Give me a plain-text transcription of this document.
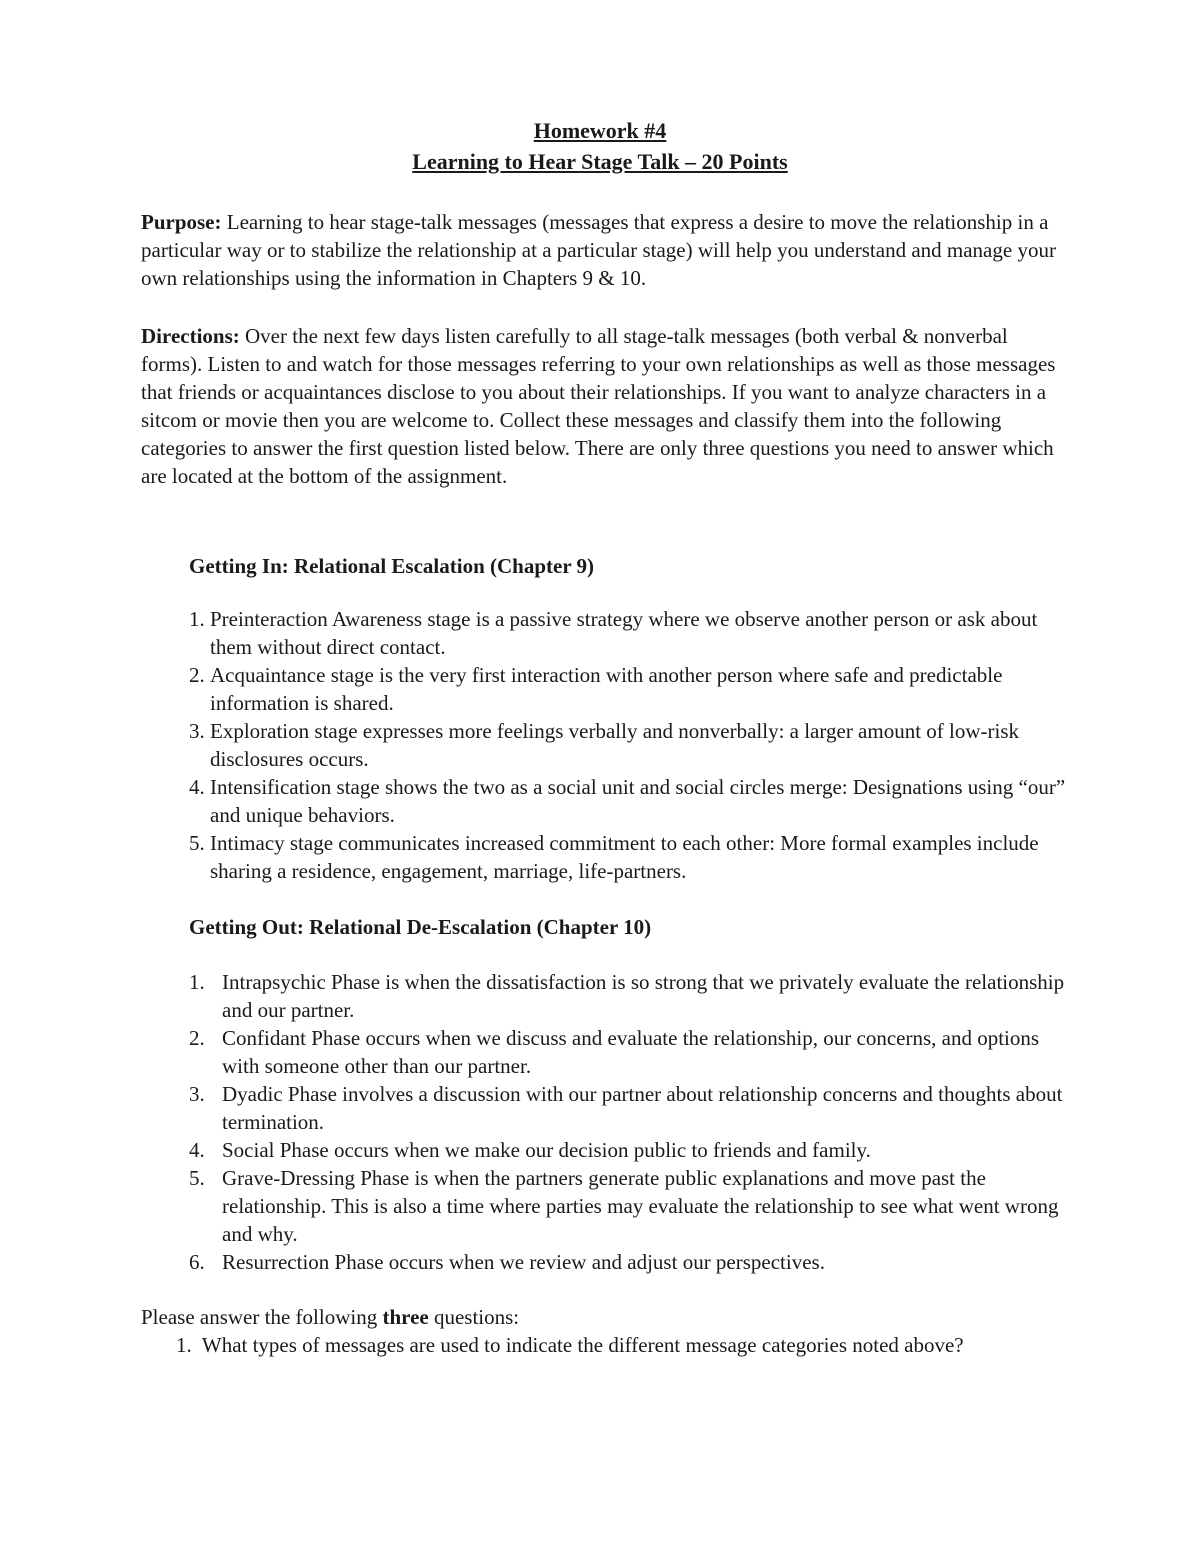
Homework #4
Learning to Hear Stage Talk – 20 Points

Purpose: Learning to hear stage-talk messages (messages that express a desire to move the relationship in a particular way or to stabilize the relationship at a particular stage) will help you understand and manage your own relationships using the information in Chapters 9 & 10.

Directions: Over the next few days listen carefully to all stage-talk messages (both verbal & nonverbal forms). Listen to and watch for those messages referring to your own relationships as well as those messages that friends or acquaintances disclose to you about their relationships. If you want to analyze characters in a sitcom or movie then you are welcome to. Collect these messages and classify them into the following categories to answer the first question listed below. There are only three questions you need to answer which are located at the bottom of the assignment.

Getting In: Relational Escalation (Chapter 9)

1. Preinteraction Awareness stage is a passive strategy where we observe another person or ask about them without direct contact.
2. Acquaintance stage is the very first interaction with another person where safe and predictable information is shared.
3. Exploration stage expresses more feelings verbally and nonverbally: a larger amount of low-risk disclosures occurs.
4. Intensification stage shows the two as a social unit and social circles merge: Designations using “our” and unique behaviors.
5. Intimacy stage communicates increased commitment to each other: More formal examples include sharing a residence, engagement, marriage, life-partners.

Getting Out: Relational De-Escalation (Chapter 10)

1. Intrapsychic Phase is when the dissatisfaction is so strong that we privately evaluate the relationship and our partner.
2. Confidant Phase occurs when we discuss and evaluate the relationship, our concerns, and options with someone other than our partner.
3. Dyadic Phase involves a discussion with our partner about relationship concerns and thoughts about termination.
4. Social Phase occurs when we make our decision public to friends and family.
5. Grave-Dressing Phase is when the partners generate public explanations and move past the relationship. This is also a time where parties may evaluate the relationship to see what went wrong and why.
6. Resurrection Phase occurs when we review and adjust our perspectives.

Please answer the following three questions:

1. What types of messages are used to indicate the different message categories noted above?
